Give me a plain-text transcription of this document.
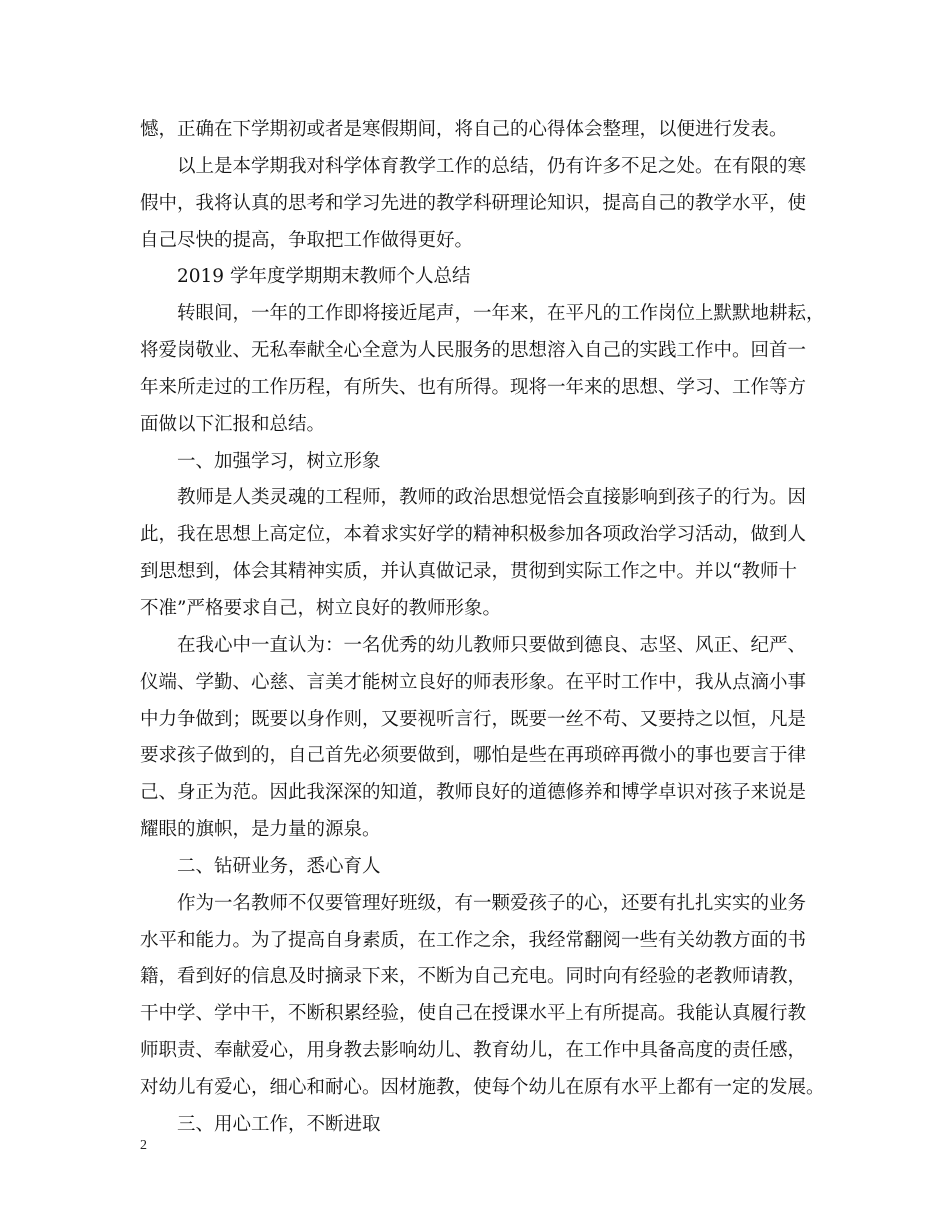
憾，正确在下学期初或者是寒假期间，将自己的心得体会整理，以便进行发表。
以上是本学期我对科学体育教学工作的总结，仍有许多不足之处。在有限的寒
假中，我将认真的思考和学习先进的教学科研理论知识，提高自己的教学水平，使
自己尽快的提高，争取把工作做得更好。
2019 学年度学期期末教师个人总结
转眼间，一年的工作即将接近尾声，一年来，在平凡的工作岗位上默默地耕耘，
将爱岗敬业、无私奉献全心全意为人民服务的思想溶入自己的实践工作中。回首一
年来所走过的工作历程，有所失、也有所得。现将一年来的思想、学习、工作等方
面做以下汇报和总结。
一、加强学习，树立形象
教师是人类灵魂的工程师，教师的政治思想觉悟会直接影响到孩子的行为。因
此，我在思想上高定位，本着求实好学的精神积极参加各项政治学习活动，做到人
到思想到，体会其精神实质，并认真做记录，贯彻到实际工作之中。并以“教师十
不准”严格要求自己，树立良好的教师形象。
在我心中一直认为：一名优秀的幼儿教师只要做到德良、志坚、风正、纪严、
仪端、学勤、心慈、言美才能树立良好的师表形象。在平时工作中，我从点滴小事
中力争做到；既要以身作则，又要视听言行，既要一丝不苟、又要持之以恒，凡是
要求孩子做到的，自己首先必须要做到，哪怕是些在再琐碎再微小的事也要言于律
己、身正为范。因此我深深的知道，教师良好的道德修养和博学卓识对孩子来说是
耀眼的旗帜，是力量的源泉。
二、钻研业务，悉心育人
作为一名教师不仅要管理好班级，有一颗爱孩子的心，还要有扎扎实实的业务
水平和能力。为了提高自身素质，在工作之余，我经常翻阅一些有关幼教方面的书
籍，看到好的信息及时摘录下来，不断为自己充电。同时向有经验的老教师请教，
干中学、学中干，不断积累经验，使自己在授课水平上有所提高。我能认真履行教
师职责、奉献爱心，用身教去影响幼儿、教育幼儿，在工作中具备高度的责任感，
对幼儿有爱心，细心和耐心。因材施教，使每个幼儿在原有水平上都有一定的发展。
三、用心工作，不断进取
2
